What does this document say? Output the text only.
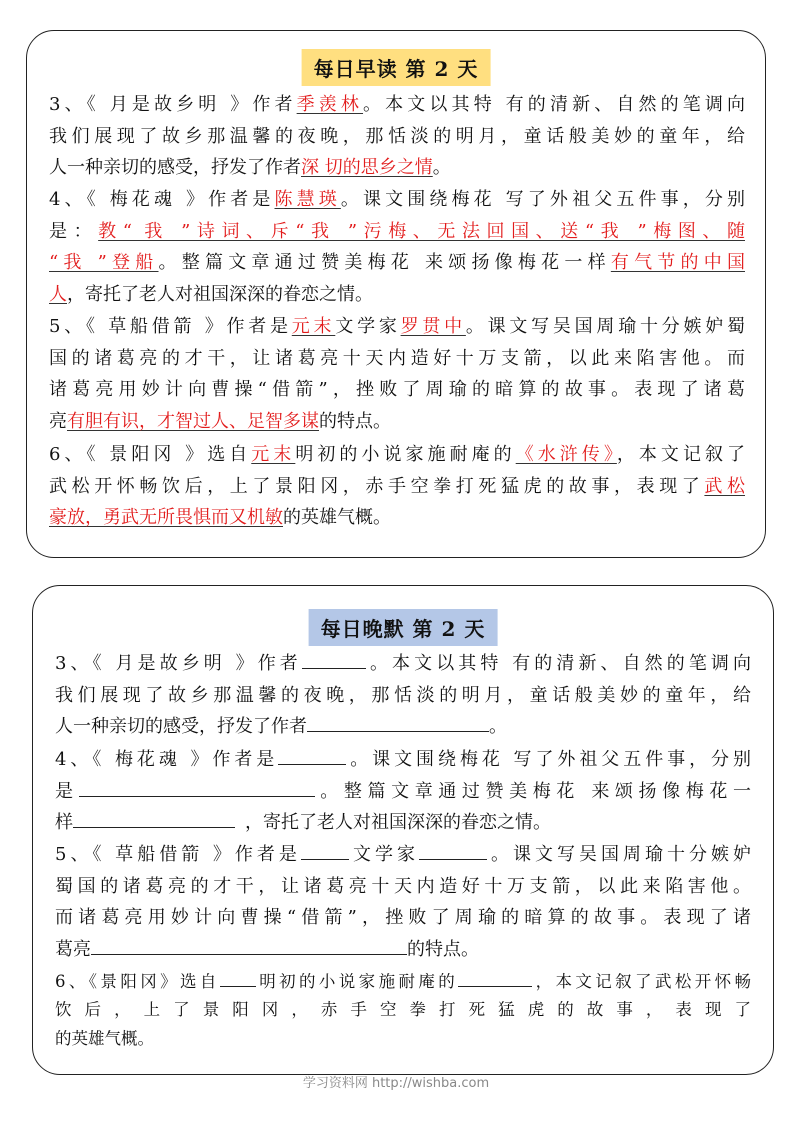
每日早读 第 2 天
3、《 月是故乡明 》作者季羡林。本文以其特 有的清新、自然的笔调向
我们展现了故乡那温馨的夜晚，那恬淡的明月，童话般美妙的童年，给
人一种亲切的感受，抒发了作者深 切的思乡之情。
4、《 梅花魂 》作者是陈慧瑛。课文围绕梅花 写了外祖父五件事，分别
是：教“ 我 ”诗词、斥“我 ”污梅、无法回国、送“我 ”梅图、随
“我 ”登船。整篇文章通过赞美梅花 来颂扬像梅花一样有气节的中国
人，寄托了老人对祖国深深的眷恋之情。
5、《 草船借箭 》作者是元末文学家罗贯中。课文写吴国周瑜十分嫉妒蜀
国的诸葛亮的才干，让诸葛亮十天内造好十万支箭，以此来陷害他。而
诸葛亮用妙计向曹操“借箭”，挫败了周瑜的暗算的故事。表现了诸葛
亮有胆有识，才智过人、足智多谋的特点。
6、《 景阳冈 》选自元末明初的小说家施耐庵的《水浒传》，本文记叙了
武松开怀畅饮后，上了景阳冈，赤手空拳打死猛虎的故事，表现了武松
豪放，勇武无所畏惧而又机敏的英雄气概。
每日晚默 第 2 天
3、《 月是故乡明 》作者	。本文以其特 有的清新、自然的笔调向
我们展现了故乡那温馨的夜晚，那恬淡的明月，童话般美妙的童年，给
人一种亲切的感受，抒发了作者	。
4、《 梅花魂 》作者是	。课文围绕梅花 写了外祖父五件事，分别
是	。整篇文章通过赞美梅花 来颂扬像梅花一
样	，寄托了老人对祖国深深的眷恋之情。
5、《 草船借箭 》作者是	文学家	。课文写吴国周瑜十分嫉妒
蜀国的诸葛亮的才干，让诸葛亮十天内造好十万支箭，以此来陷害他。
而诸葛亮用妙计向曹操“借箭”，挫败了周瑜的暗算的故事。表现了诸
葛亮	的特点。
6、《景阳冈》选自 明初的小说家施耐庵的	，本文记叙了武松开怀畅
饮 后 ， 上 了 景 阳 冈 ， 赤 手 空 拳 打 死 猛 虎 的 故 事 ， 表 现 了
的英雄气概。
学习资料网 http://wishba.com
